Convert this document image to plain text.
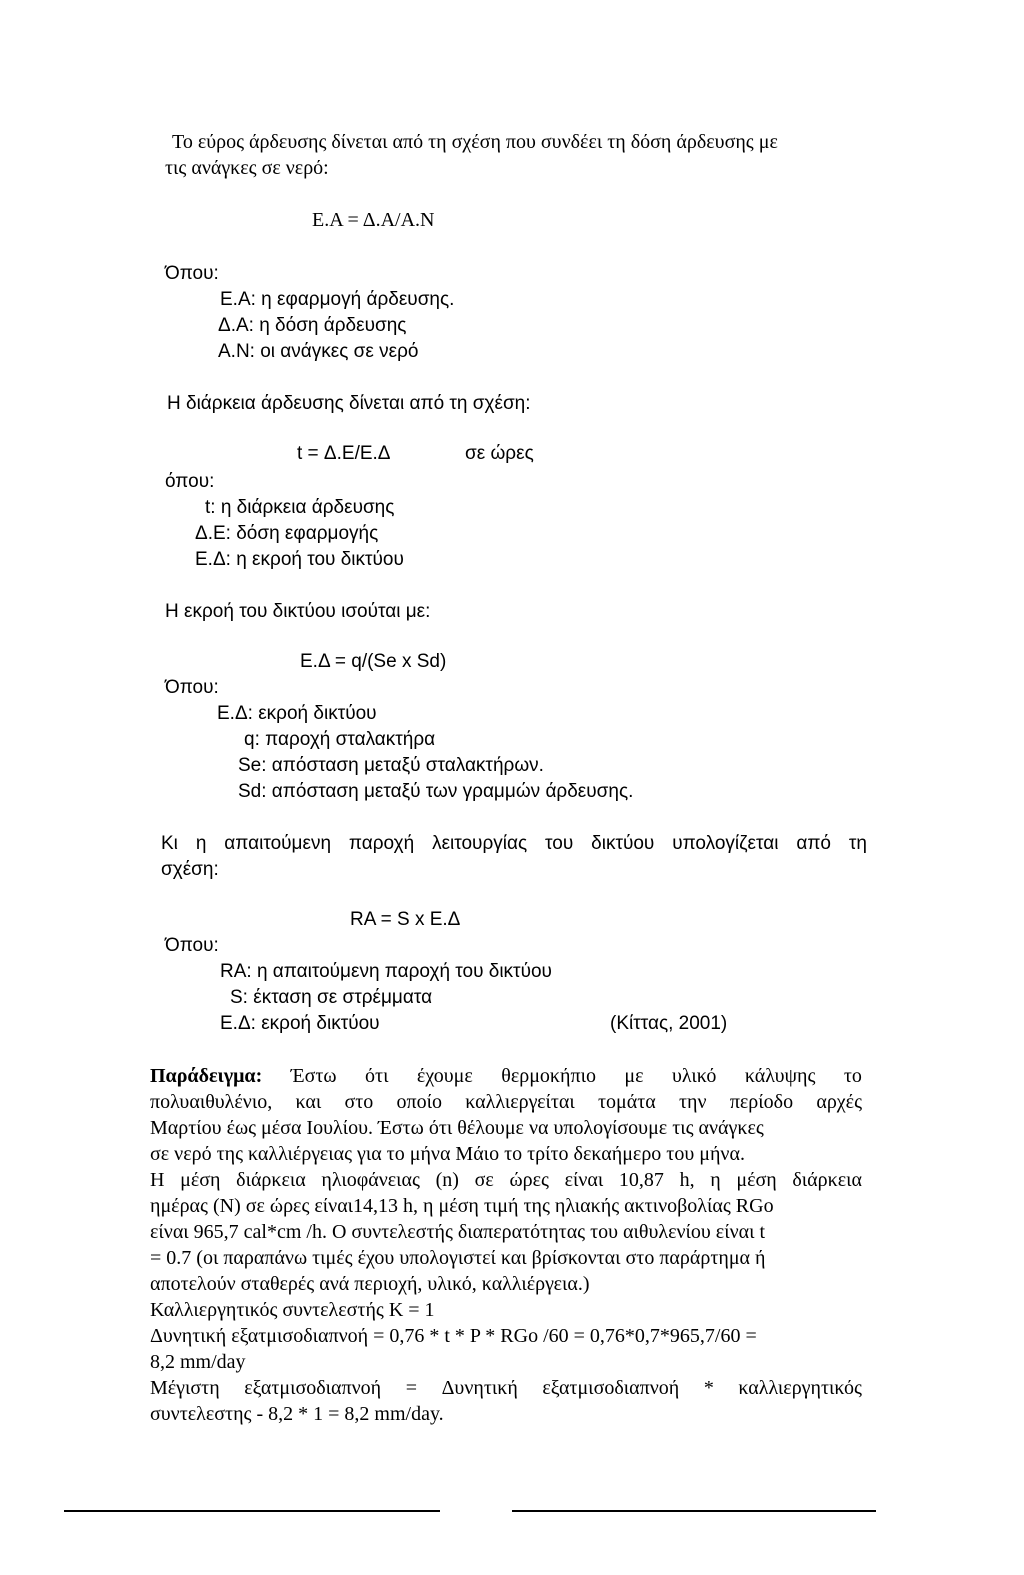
Το εύρος άρδευσης δίνεται από τη σχέση που συνδέει τη δόση άρδευσης με
τις ανάγκες σε νερό:
Ε.Α = Δ.Α/Α.Ν
Όπου:
Ε.Α: η εφαρμογή άρδευσης.
Δ.Α: η δόση άρδευσης
Α.Ν: οι ανάγκες σε νερό
Η διάρκεια άρδευσης δίνεται από τη σχέση:
t = Δ.Ε/Ε.Δ	σε ώρες
όπου:
t: η διάρκεια άρδευσης
Δ.Ε: δόση εφαρμογής
Ε.Δ: η εκροή του δικτύου
Η εκροή του δικτύου ισούται με:
Ε.Δ = q/(Se x Sd)
Όπου:
Ε.Δ: εκροή δικτύου
q: παροχή σταλακτήρα
Se: απόσταση μεταξύ σταλακτήρων.
Sd: απόσταση μεταξύ των γραμμών άρδευσης.
Κι η απαιτούμενη παροχή λειτουργίας του δικτύου υπολογίζεται από τη
σχέση:
RA = S x Ε.Δ
Όπου:
RA: η απαιτούμενη παροχή του δικτύου
S: έκταση σε στρέμματα
Ε.Δ: εκροή δικτύου	(Κίττας, 2001)
Παράδειγμα: Έστω ότι έχουμε θερμοκήπιο με υλικό κάλυψης το
πολυαιθυλένιο, και στο οποίο καλλιεργείται τομάτα την περίοδο αρχές
Μαρτίου έως μέσα Ιουλίου. Έστω ότι θέλουμε να υπολογίσουμε τις ανάγκες
σε νερό της καλλιέργειας για το μήνα Μάιο το τρίτο δεκαήμερο του μήνα.
Η μέση διάρκεια ηλιοφάνειας (n) σε ώρες είναι 10,87 h, η μέση διάρκεια
ημέρας (Ν) σε ώρες είναι14,13 h, η μέση τιμή της ηλιακής ακτινοβολίας RGo
είναι 965,7 cal*cm /h. Ο συντελεστής διαπερατότητας του αιθυλενίου είναι t
= 0.7 (οι παραπάνω τιμές έχου υπολογιστεί και βρίσκονται στο παράρτημα ή
αποτελούν σταθερές ανά περιοχή, υλικό, καλλιέργεια.)
Καλλιεργητικός συντελεστής Κ = 1
Δυνητική εξατμισοδιαπνοή = 0,76 * t * P * RGo /60 = 0,76*0,7*965,7/60 =
8,2 mm/day
Μέγιστη εξατμισοδιαπνοή = Δυνητική εξατμισοδιαπνοή * καλλιεργητικός
συντελεστης - 8,2 * 1 = 8,2 mm/day.
